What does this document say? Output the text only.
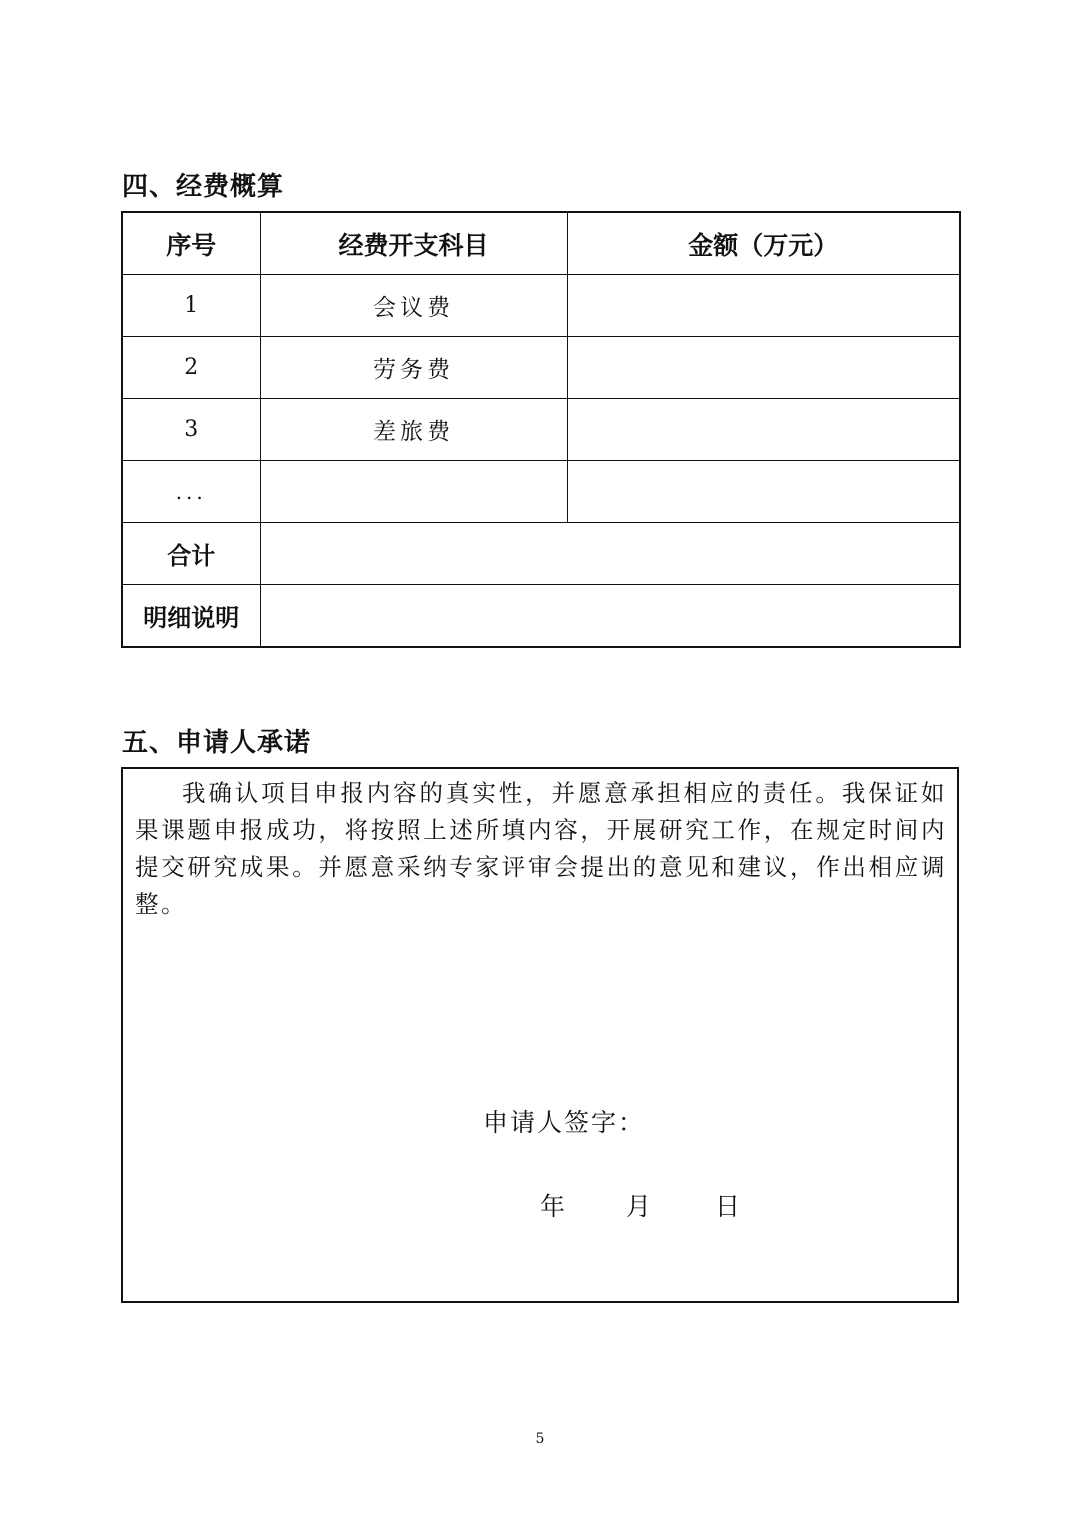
四、经费概算
序号	经费开支科目	金额（万元）
1	会议费	
2	劳务费	
3	差旅费	
...		
合计		
明细说明		
五、申请人承诺

我确认项目申报内容的真实性，并愿意承担相应的责任。我保证如果课题申报成功，将按照上述所填内容，开展研究工作，在规定时间内提交研究成果。并愿意采纳专家评审会提出的意见和建议，作出相应调整。

申请人签字：
年 月	日
5
